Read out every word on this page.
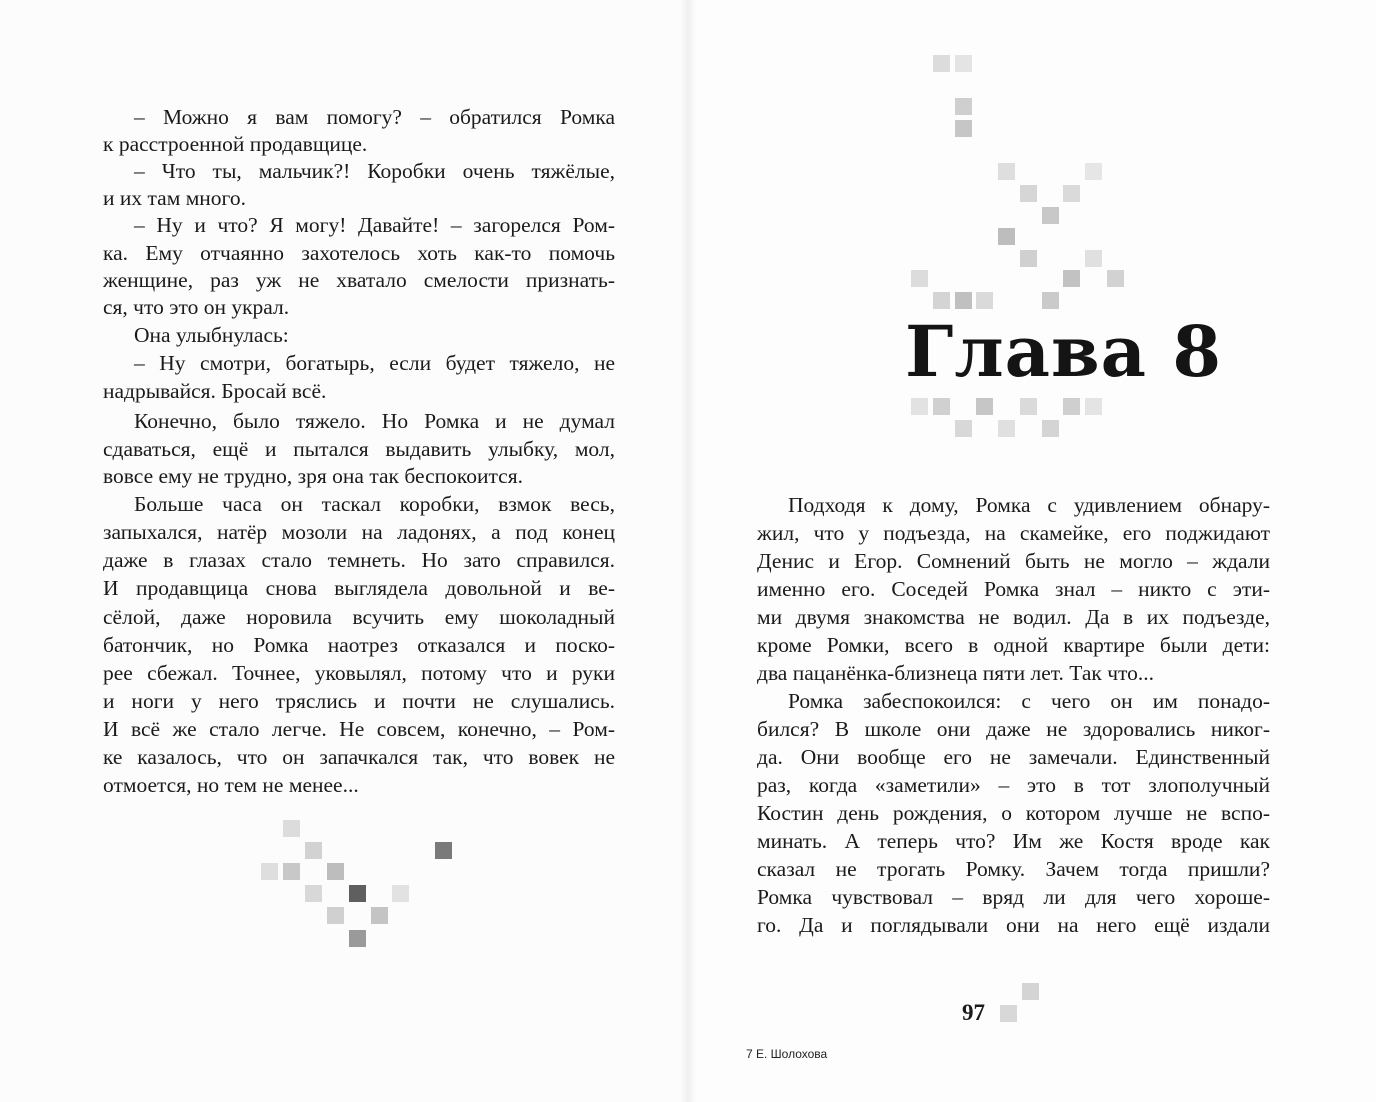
– Можно я вам помогу? – обратился Ромка
к расстроенной продавщице.
– Что ты, мальчик?! Коробки очень тяжёлые,
и их там много.
– Ну и что? Я могу! Давайте! – загорелся Ром-
ка. Ему отчаянно захотелось хоть как-то помочь
женщине, раз уж не хватало смелости признать-
ся, что это он украл.
Она улыбнулась:
– Ну смотри, богатырь, если будет тяжело, не
надрывайся. Бросай всё.
Конечно, было тяжело. Но Ромка и не думал
сдаваться, ещё и пытался выдавить улыбку, мол,
вовсе ему не трудно, зря она так беспокоится.
Больше часа он таскал коробки, взмок весь,
запыхался, натёр мозоли на ладонях, а под конец
даже в глазах стало темнеть. Но зато справился.
И продавщица снова выглядела довольной и ве-
сёлой, даже норовила всучить ему шоколадный
батончик, но Ромка наотрез отказался и поско-
рее сбежал. Точнее, уковылял, потому что и руки
и ноги у него тряслись и почти не слушались.
И всё же стало легче. Не совсем, конечно, – Ром-
ке казалось, что он запачкался так, что вовек не
отмоется, но тем не менее...
Глава 8
Подходя к дому, Ромка с удивлением обнару-
жил, что у подъезда, на скамейке, его поджидают
Денис и Егор. Сомнений быть не могло – ждали
именно его. Соседей Ромка знал – никто с эти-
ми двумя знакомства не водил. Да в их подъезде,
кроме Ромки, всего в одной квартире были дети:
два пацанёнка-близнеца пяти лет. Так что...
Ромка забеспокоился: с чего он им понадо-
бился? В школе они даже не здоровались никог-
да. Они вообще его не замечали. Единственный
раз, когда «заметили» – это в тот злополучный
Костин день рождения, о котором лучше не вспо-
минать. А теперь что? Им же Костя вроде как
сказал не трогать Ромку. Зачем тогда пришли?
Ромка чувствовал – вряд ли для чего хороше-
го. Да и поглядывали они на него ещё издали
97
7 Е. Шолохова
